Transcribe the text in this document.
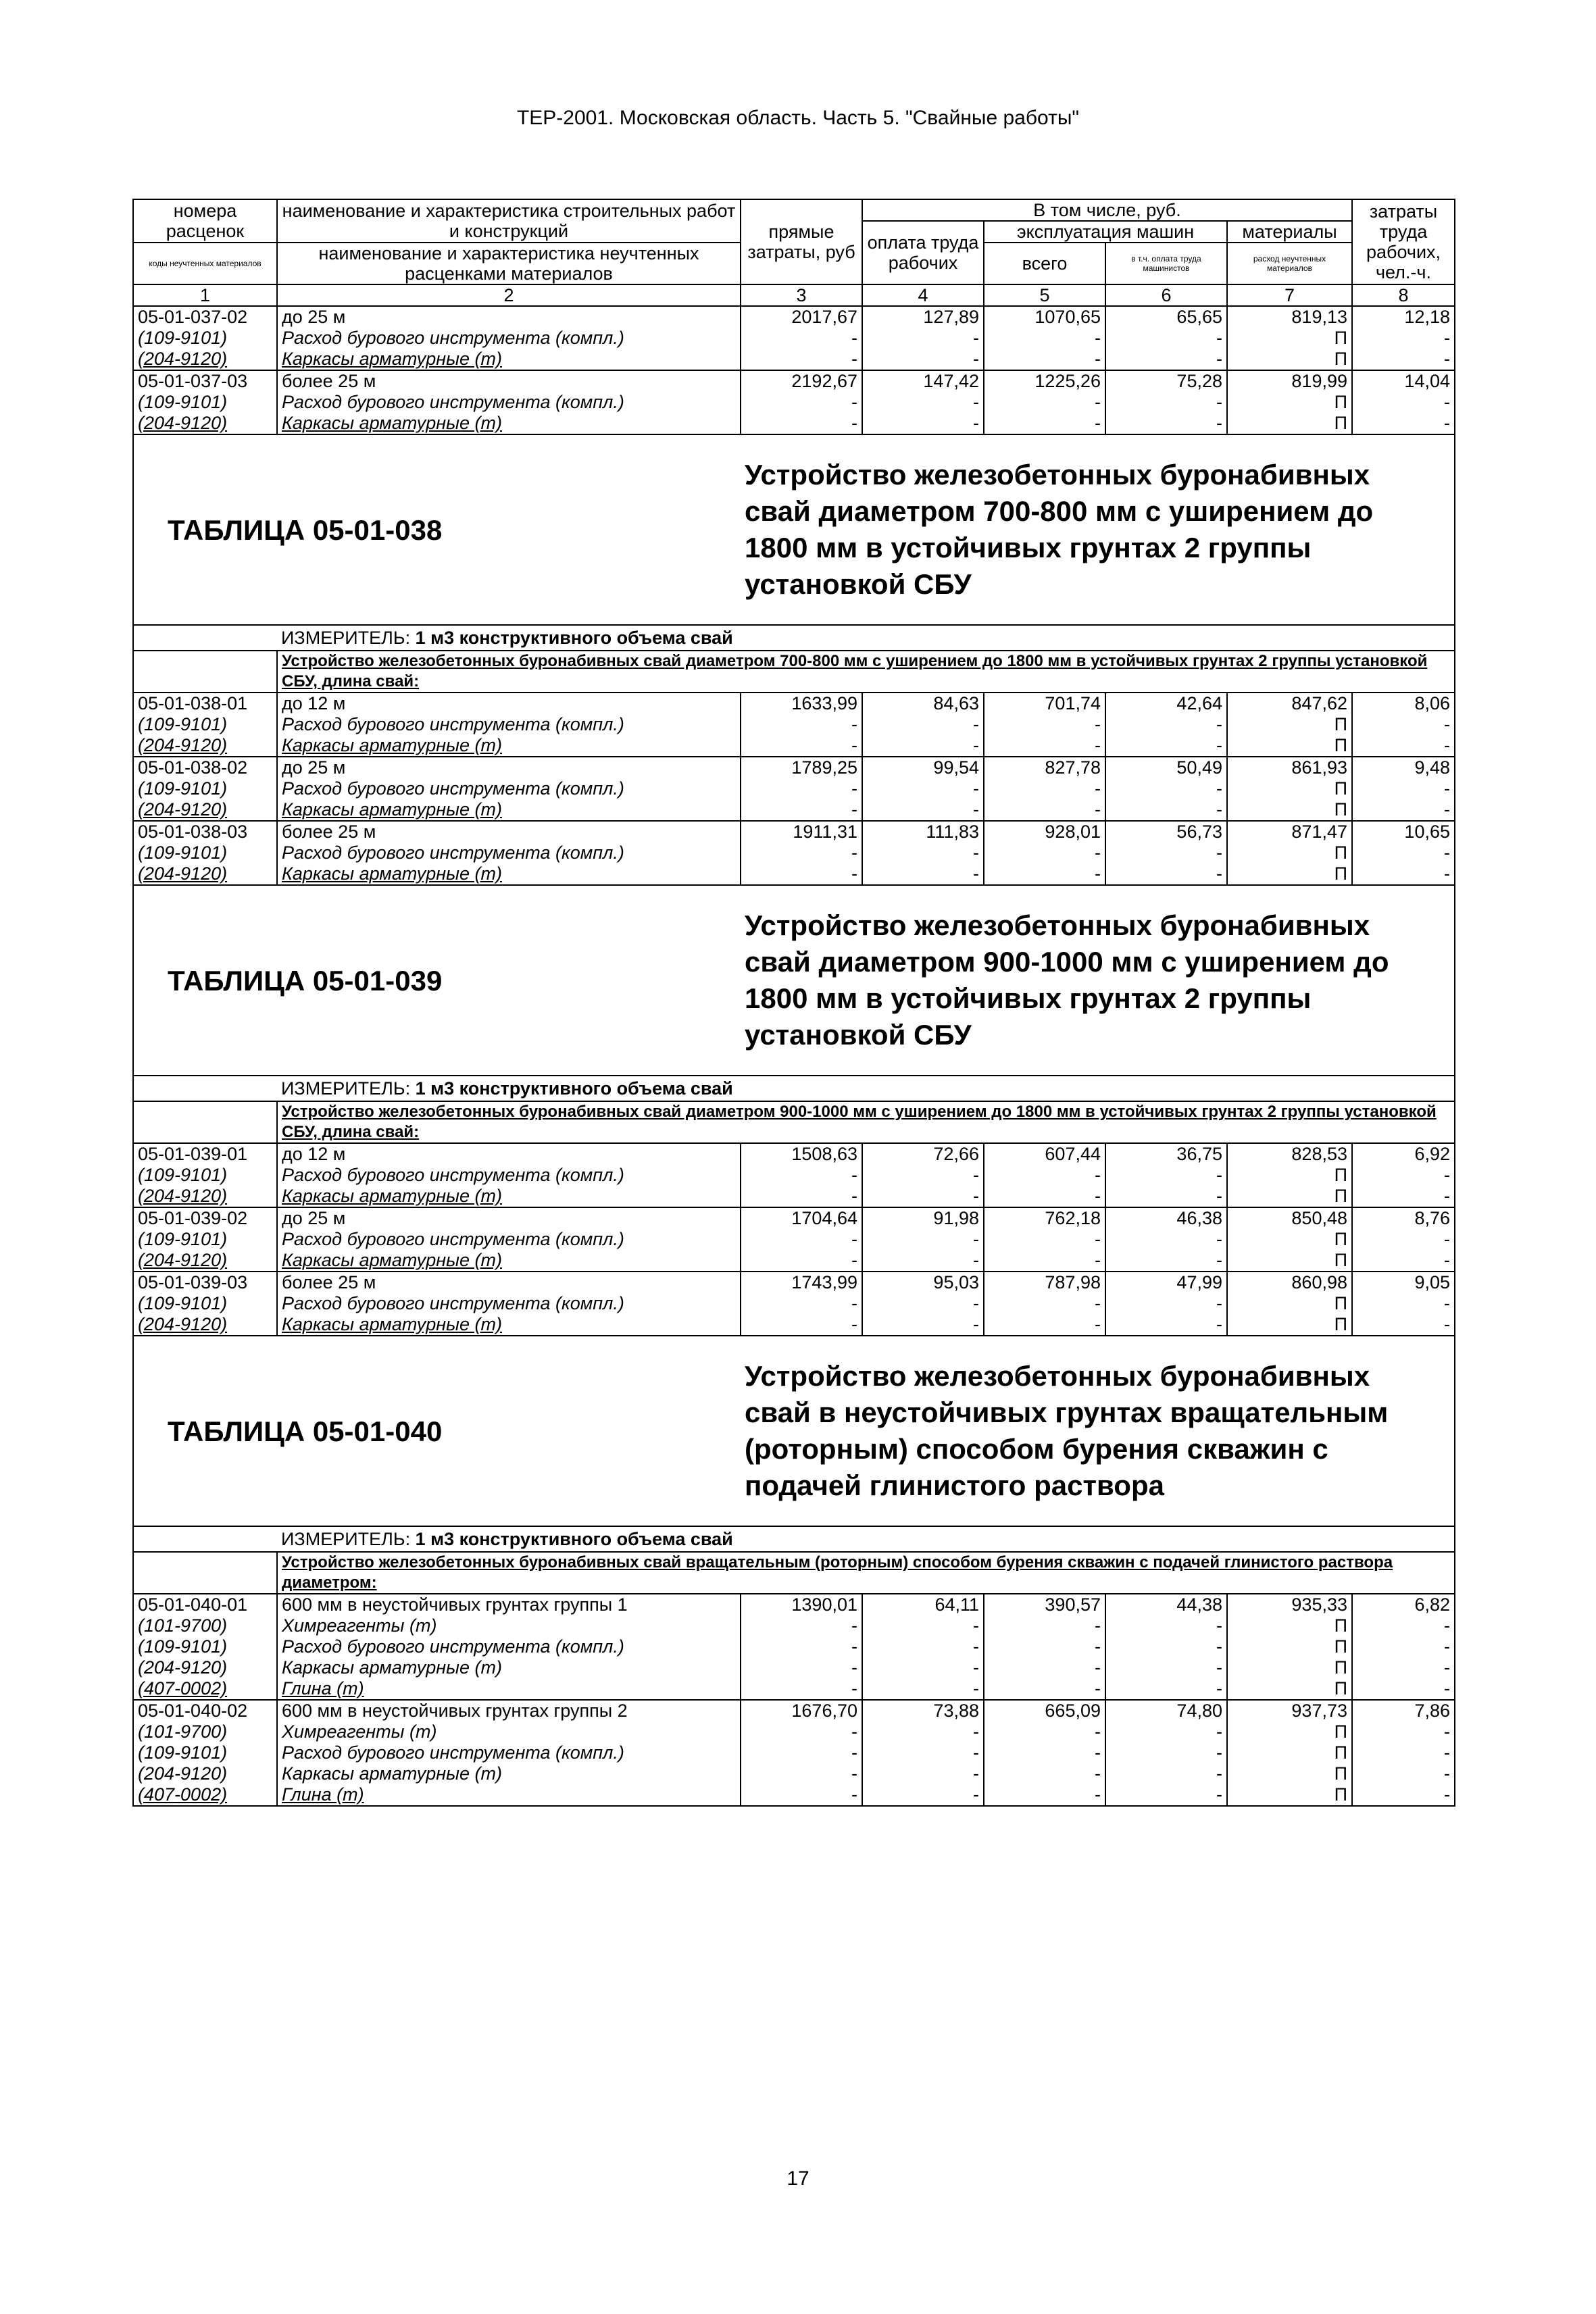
ТЕР-2001. Московская область. Часть 5. "Свайные работы"
номера расценок	наименование и характеристика строительных работ и конструкций	прямые затраты, руб	В том числе, руб.				затраты труда рабочих, чел.-ч.
			оплата труда рабочих	эксплуатация машин		материалы	
коды неучтенных материалов	наименование и характеристика неучтенных расценками материалов			всего	в т.ч. оплата труда машинистов	расход неучтенных материалов	

1	2	3	4	5	6	7	8
05-01-037-02	до 25 м	2017,67	127,89	1070,65	65,65	819,13	12,18
(109-9101)	Расход бурового инструмента (компл.)	-	-	-	-	П	-
(204-9120)	Каркасы арматурные (т)	-	-	-	-	П	-
05-01-037-03	более 25 м	2192,67	147,42	1225,26	75,28	819,99	14,04
(109-9101)	Расход бурового инструмента (компл.)	-	-	-	-	П	-
(204-9120)	Каркасы арматурные (т)	-	-	-	-	П	-
ТАБЛИЦА 05-01-038		Устройство железобетонных буронабивных свай диаметром 700-800 мм с уширением до 1800 мм в устойчивых грунтах 2 группы установкой СБУ					
	ИЗМЕРИТЕЛЬ: 1 м3 конструктивного объема свай						
	Устройство железобетонных буронабивных свай диаметром 700-800 мм с уширением до 1800 мм в устойчивых грунтах 2 группы установкой СБУ, длина свай:						
05-01-038-01	до 12 м	1633,99	84,63	701,74	42,64	847,62	8,06
(109-9101)	Расход бурового инструмента (компл.)	-	-	-	-	П	-
(204-9120)	Каркасы арматурные (т)	-	-	-	-	П	-
05-01-038-02	до 25 м	1789,25	99,54	827,78	50,49	861,93	9,48
(109-9101)	Расход бурового инструмента (компл.)	-	-	-	-	П	-
(204-9120)	Каркасы арматурные (т)	-	-	-	-	П	-
05-01-038-03	более 25 м	1911,31	111,83	928,01	56,73	871,47	10,65
(109-9101)	Расход бурового инструмента (компл.)	-	-	-	-	П	-
(204-9120)	Каркасы арматурные (т)	-	-	-	-	П	-
ТАБЛИЦА 05-01-039		Устройство железобетонных буронабивных свай диаметром 900-1000 мм с уширением до 1800 мм в устойчивых грунтах 2 группы установкой СБУ					
	ИЗМЕРИТЕЛЬ: 1 м3 конструктивного объема свай						
	Устройство железобетонных буронабивных свай диаметром 900-1000 мм с уширением до 1800 мм в устойчивых грунтах 2 группы установкой СБУ, длина свай:						
05-01-039-01	до 12 м	1508,63	72,66	607,44	36,75	828,53	6,92
(109-9101)	Расход бурового инструмента (компл.)	-	-	-	-	П	-
(204-9120)	Каркасы арматурные (т)	-	-	-	-	П	-
05-01-039-02	до 25 м	1704,64	91,98	762,18	46,38	850,48	8,76
(109-9101)	Расход бурового инструмента (компл.)	-	-	-	-	П	-
(204-9120)	Каркасы арматурные (т)	-	-	-	-	П	-
05-01-039-03	более 25 м	1743,99	95,03	787,98	47,99	860,98	9,05
(109-9101)	Расход бурового инструмента (компл.)	-	-	-	-	П	-
(204-9120)	Каркасы арматурные (т)	-	-	-	-	П	-
ТАБЛИЦА 05-01-040		Устройство железобетонных буронабивных свай в неустойчивых грунтах вращательным (роторным) способом бурения скважин с подачей глинистого раствора					
	ИЗМЕРИТЕЛЬ: 1 м3 конструктивного объема свай						
	Устройство железобетонных буронабивных свай вращательным (роторным) способом бурения скважин с подачей глинистого раствора диаметром:						
05-01-040-01	600 мм в неустойчивых грунтах группы 1	1390,01	64,11	390,57	44,38	935,33	6,82
(101-9700)	Химреагенты (т)	-	-	-	-	П	-
(109-9101)	Расход бурового инструмента (компл.)	-	-	-	-	П	-
(204-9120)	Каркасы арматурные (т)	-	-	-	-	П	-
(407-0002)	Глина (т)	-	-	-	-	П	-
05-01-040-02	600 мм в неустойчивых грунтах группы 2	1676,70	73,88	665,09	74,80	937,73	7,86
(101-9700)	Химреагенты (т)	-	-	-	-	П	-
(109-9101)	Расход бурового инструмента (компл.)	-	-	-	-	П	-
(204-9120)	Каркасы арматурные (т)	-	-	-	-	П	-
(407-0002)	Глина (т)	-	-	-	-	П	-
17
